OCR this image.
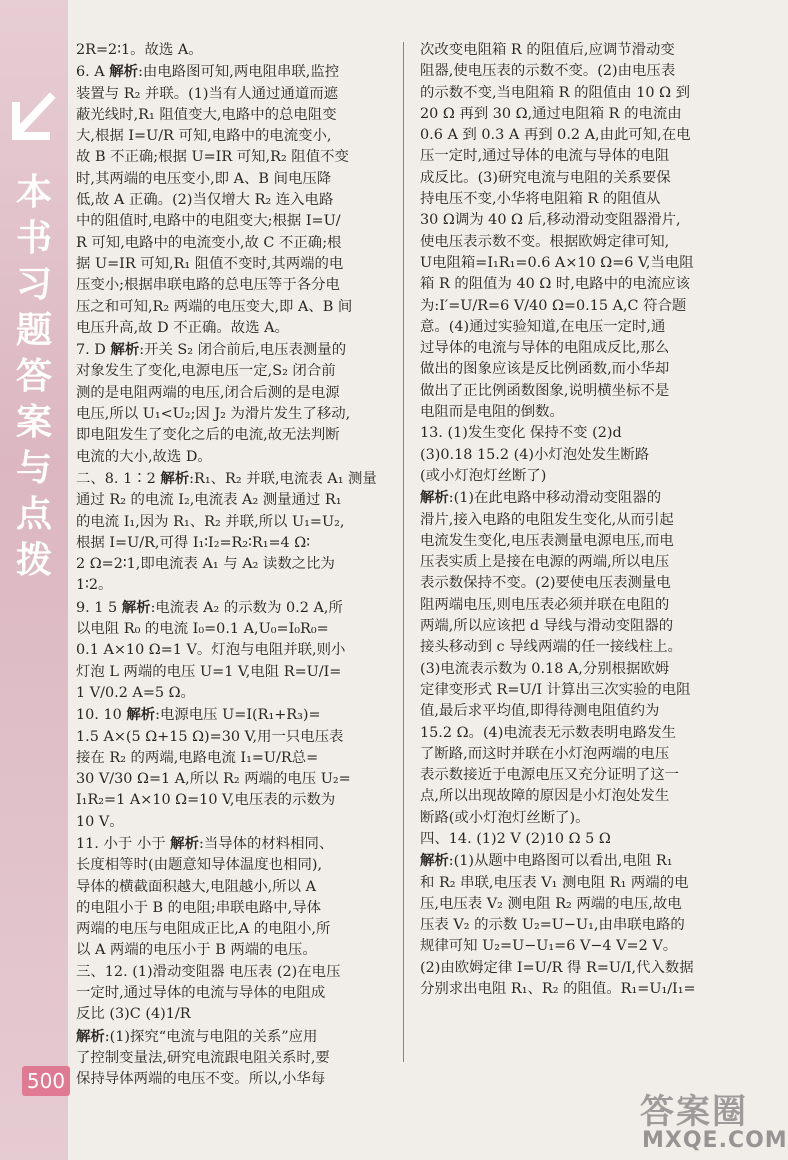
本
书
习
题
答
案
与
点
拨
500

2R=2∶1。故选 A。

6. A 解析:由电路图可知,两电阻串联,监控

装置与 R₂ 并联。(1)当有人通过通道而遮

蔽光线时,R₁ 阻值变大,电路中的总电阻变

大,根据 I=U/R 可知,电路中的电流变小,

故 B 不正确;根据 U=IR 可知,R₂ 阻值不变

时,其两端的电压变小,即 A、B 间电压降

低,故 A 正确。(2)当仅增大 R₂ 连入电路

中的阻值时,电路中的电阻变大;根据 I=U/

R 可知,电路中的电流变小,故 C 不正确;根

据 U=IR 可知,R₁ 阻值不变时,其两端的电

压变小;根据串联电路的总电压等于各分电

压之和可知,R₂ 两端的电压变大,即 A、B 间

电压升高,故 D 不正确。故选 A。

7. D 解析:开关 S₂ 闭合前后,电压表测量的

对象发生了变化,电源电压一定,S₂ 闭合前

测的是电阻两端的电压,闭合后测的是电源

电压,所以 U₁<U₂;因 J₂ 为滑片发生了移动,

即电阻发生了变化之后的电流,故无法判断

电流的大小,故选 D。

二、8. 1∶2 解析:R₁、R₂ 并联,电流表 A₁ 测量

通过 R₂ 的电流 I₂,电流表 A₂ 测量通过 R₁

的电流 I₁,因为 R₁、R₂ 并联,所以 U₁=U₂,

根据 I=U/R,可得 I₁∶I₂=R₂∶R₁=4 Ω∶

2 Ω=2∶1,即电流表 A₁ 与 A₂ 读数之比为

1∶2。

9. 1 5 解析:电流表 A₂ 的示数为 0.2 A,所

以电阻 R₀ 的电流 I₀=0.1 A,U₀=I₀R₀=

0.1 A×10 Ω=1 V。灯泡与电阻并联,则小

灯泡 L 两端的电压 U=1 V,电阻 R=U/I=

1 V/0.2 A=5 Ω。

10. 10 解析:电源电压 U=I(R₁+R₃)=

1.5 A×(5 Ω+15 Ω)=30 V,用一只电压表

接在 R₂ 的两端,电路电流 I₁=U/R总=

30 V/30 Ω=1 A,所以 R₂ 两端的电压 U₂=

I₁R₂=1 A×10 Ω=10 V,电压表的示数为

10 V。

11. 小于 小于 解析:当导体的材料相同、

长度相等时(由题意知导体温度也相同),

导体的横截面积越大,电阻越小,所以 A

的电阻小于 B 的电阻;串联电路中,导体

两端的电压与电阻成正比,A 的电阻小,所

以 A 两端的电压小于 B 两端的电压。

三、12. (1)滑动变阻器 电压表 (2)在电压

一定时,通过导体的电流与导体的电阻成

反比 (3)C (4)1/R

解析:(1)探究“电流与电阻的关系”应用

了控制变量法,研究电流跟电阻关系时,要

保持导体两端的电压不变。所以,小华每

次改变电阻箱 R 的阻值后,应调节滑动变

阻器,使电压表的示数不变。(2)由电压表

的示数不变,当电阻箱 R 的阻值由 10 Ω 到

20 Ω 再到 30 Ω,通过电阻箱 R 的电流由

0.6 A 到 0.3 A 再到 0.2 A,由此可知,在电

压一定时,通过导体的电流与导体的电阻

成反比。(3)研究电流与电阻的关系要保

持电压不变,小华将电阻箱 R 的阻值从

30 Ω调为 40 Ω 后,移动滑动变阻器滑片,

使电压表示数不变。根据欧姆定律可知,

U电阻箱=I₁R₁=0.6 A×10 Ω=6 V,当电阻

箱 R 的阻值为 40 Ω 时,电路中的电流应该

为:I′=U/R=6 V/40 Ω=0.15 A,C 符合题

意。(4)通过实验知道,在电压一定时,通

过导体的电流与导体的电阻成反比,那么

做出的图象应该是反比例函数,而小华却

做出了正比例函数图象,说明横坐标不是

电阻而是电阻的倒数。

13. (1)发生变化 保持不变 (2)d

(3)0.18 15.2 (4)小灯泡处发生断路

(或小灯泡灯丝断了)

解析:(1)在此电路中移动滑动变阻器的

滑片,接入电路的电阻发生变化,从而引起

电流发生变化,电压表测量电源电压,而电

压表实质上是接在电源的两端,所以电压

表示数保持不变。(2)要使电压表测量电

阻两端电压,则电压表必须并联在电阻的

两端,所以应该把 d 导线与滑动变阻器的

接头移动到 c 导线两端的任一接线柱上。

(3)电流表示数为 0.18 A,分别根据欧姆

定律变形式 R=U/I 计算出三次实验的电阻

值,最后求平均值,即得待测电阻值约为

15.2 Ω。(4)电流表无示数表明电路发生

了断路,而这时并联在小灯泡两端的电压

表示数接近于电源电压又充分证明了这一

点,所以出现故障的原因是小灯泡处发生

断路(或小灯泡灯丝断了)。

四、14. (1)2 V (2)10 Ω 5 Ω

解析:(1)从题中电路图可以看出,电阻 R₁

和 R₂ 串联,电压表 V₁ 测电阻 R₁ 两端的电

压,电压表 V₂ 测电阻 R₂ 两端的电压,故电

压表 V₂ 的示数 U₂=U−U₁,由串联电路的

规律可知 U₂=U−U₁=6 V−4 V=2 V。

(2)由欧姆定律 I=U/R 得 R=U/I,代入数据

分别求出电阻 R₁、R₂ 的阻值。R₁=U₁/I₁=

答案圈
MXQE.COM
